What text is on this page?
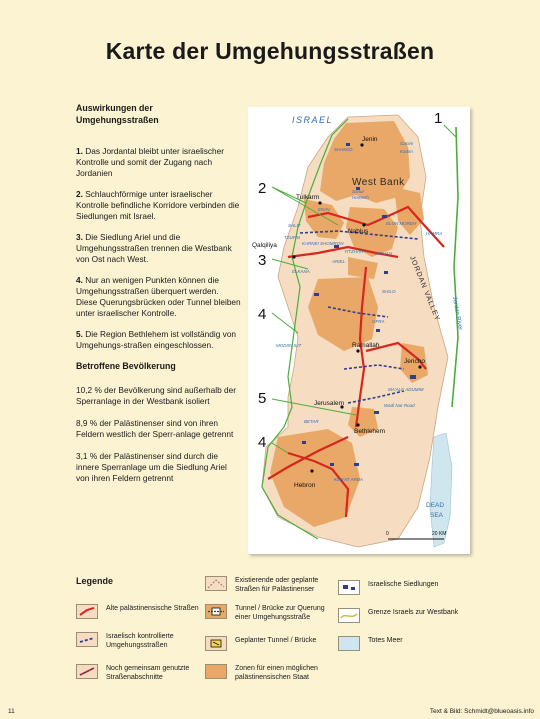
Karte der Umgehungsstraßen
Auswirkungen der
Umgehungsstraßen

1. Das Jordantal bleibt unter israelischer Kontrolle und somit der Zugang nach Jordanien

2. Schlauchförmige unter israelischer Kontrolle befindliche Korridore verbinden die Siedlungen mit Israel.

3. Die Siedlung Ariel und die Umgehungsstraßen trennen die Westbank von Ost nach West.

4. Nur an wenigen Punkten können die Umgehungsstraßen überquert werden. Diese Querungsbrücken oder Tunnel bleiben unter israelischer Kontrolle.

5. Die Region Bethlehem ist vollständig von Umgehungs-straßen eingeschlossen.

Betroffene Bevölkerung

10,2 % der Bevölkerung sind außerhalb der Sperranlage in der Westbank isoliert

8,9 % der Palästinenser sind von ihren Feldern westlich der Sperr-anlage getrennt

3,1 % der Palästinenser sind durch die innere Sperranlage um die Siedlung Ariel von ihren Feldern getrennt

1
2
3
4
5
4
ISRAEL
West Bank
JORDAN VALLEY Jordan River
DEAD
SEA
Jenin
Tulkarm
Nablus
Qalqiliya
Ramallah
Jericho
Jerusalem
Bethlehem
Hebron
Ganim
Kadim
SHAKED
Homesh
Sanur
ENAV
ELON MOREH
HAMRA
SALIT
TZUFIN
KARNEI SHOMRON
YITZHAR TAPUAH
ARIEL
ELKANA
SHILO
MODIIN ILIT
OFRA
MA'ALE ADUMIM
Wadi Nar Road
BETAR
KIRYAT ARBA
0	20 KM
Legende	Existierende oder geplante Straßen für Palästinenser
Israelische Siedlungen
Alte palästinensische Straßen	Tunnel / Brücke zur Querung einer Umgehungsstraße
Grenze Israels zur Westbank
Israelisch kontrollierte Umgehungsstraßen
Geplanter Tunnel / Brücke	Totes Meer
Noch gemeinsam genutzte Straßenabschnitte
Zonen für einen möglichen palästinensischen Staat
11	Text & Bild: Schmidt@blueoasis.info
